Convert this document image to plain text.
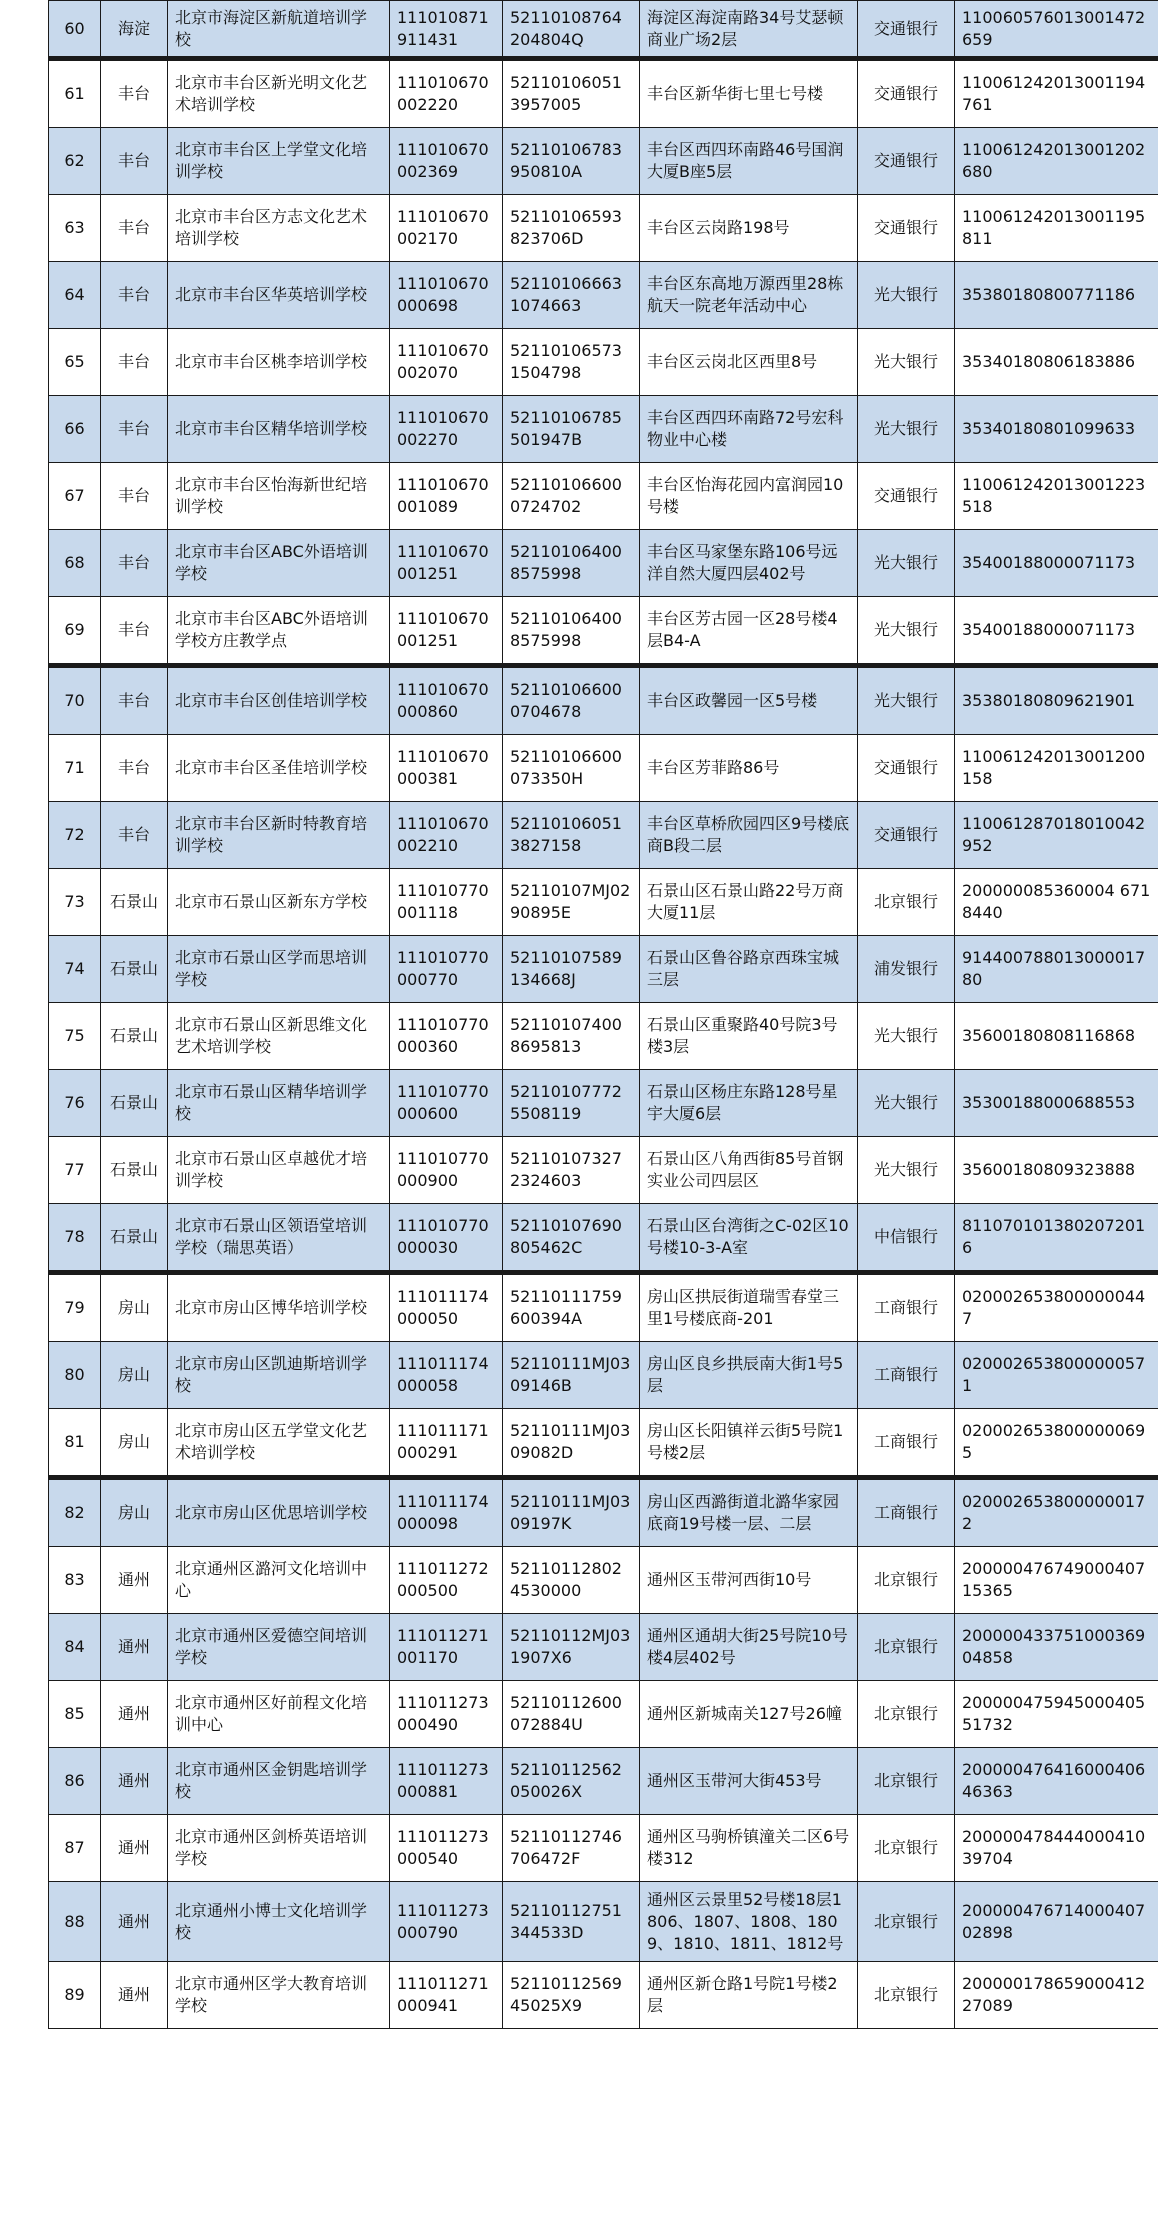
60	海淀	北京市海淀区新航道培训学校	111010871911431	52110108764204804Q	海淀区海淀南路34号艾瑟顿商业广场2层	交通银行	110060576013001472659
61	丰台	北京市丰台区新光明文化艺术培训学校	111010670002220	521101060513957005	丰台区新华街七里七号楼	交通银行	110061242013001194761
62	丰台	北京市丰台区上学堂文化培训学校	111010670002369	52110106783950810A	丰台区西四环南路46号国润大厦B座5层	交通银行	110061242013001202680
63	丰台	北京市丰台区方志文化艺术培训学校	111010670002170	52110106593823706D	丰台区云岗路198号	交通银行	110061242013001195811
64	丰台	北京市丰台区华英培训学校	111010670000698	521101066631074663	丰台区东高地万源西里28栋航天一院老年活动中心	光大银行	35380180800771186
65	丰台	北京市丰台区桃李培训学校	111010670002070	521101065731504798	丰台区云岗北区西里8号	光大银行	35340180806183886
66	丰台	北京市丰台区精华培训学校	111010670002270	52110106785501947B	丰台区西四环南路72号宏科物业中心楼	光大银行	35340180801099633
67	丰台	北京市丰台区怡海新世纪培训学校	111010670001089	521101066000724702	丰台区怡海花园内富润园10号楼	交通银行	110061242013001223518
68	丰台	北京市丰台区ABC外语培训学校	111010670001251	521101064008575998	丰台区马家堡东路106号远洋自然大厦四层402号	光大银行	35400188000071173
69	丰台	北京市丰台区ABC外语培训学校方庄教学点	111010670001251	521101064008575998	丰台区芳古园一区28号楼4层B4-A	光大银行	35400188000071173
70	丰台	北京市丰台区创佳培训学校	111010670000860	521101066000704678	丰台区政馨园一区5号楼	光大银行	35380180809621901
71	丰台	北京市丰台区圣佳培训学校	111010670000381	52110106600073350H	丰台区芳菲路86号	交通银行	110061242013001200158
72	丰台	北京市丰台区新时特教育培训学校	111010670002210	521101060513827158	丰台区草桥欣园四区9号楼底商B段二层	交通银行	110061287018010042952
73	石景山	北京市石景山区新东方学校	111010770001118	52110107MJ0290895E	石景山区石景山路22号万商大厦11层	北京银行	200000085360004 6718440
74	石景山	北京市石景山区学而思培训学校	111010770000770	52110107589134668J	石景山区鲁谷路京西珠宝城三层	浦发银行	91440078801300001780
75	石景山	北京市石景山区新思维文化艺术培训学校	111010770000360	521101074008695813	石景山区重聚路40号院3号楼3层	光大银行	35600180808116868
76	石景山	北京市石景山区精华培训学校	111010770000600	521101077725508119	石景山区杨庄东路128号星宇大厦6层	光大银行	35300188000688553
77	石景山	北京市石景山区卓越优才培训学校	111010770000900	521101073272324603	石景山区八角西街85号首钢实业公司四层区	光大银行	35600180809323888
78	石景山	北京市石景山区领语堂培训学校（瑞思英语）	111010770000030	52110107690805462C	石景山区台湾街之C-02区10号楼10-3-A室	中信银行	8110701013802072016
79	房山	北京市房山区博华培训学校	111011174000050	52110111759600394A	房山区拱辰街道瑞雪春堂三里1号楼底商-201	工商银行	0200026538000000447
80	房山	北京市房山区凯迪斯培训学校	111011174000058	52110111MJ0309146B	房山区良乡拱辰南大街1号5层	工商银行	0200026538000000571
81	房山	北京市房山区五学堂文化艺术培训学校	111011171000291	52110111MJ0309082D	房山区长阳镇祥云街5号院1号楼2层	工商银行	0200026538000000695
82	房山	北京市房山区优思培训学校	111011174000098	52110111MJ0309197K	房山区西潞街道北潞华家园底商19号楼一层、二层	工商银行	0200026538000000172
83	通州	北京通州区潞河文化培训中心	111011272000500	521101128024530000	通州区玉带河西街10号	北京银行	20000047674900040715365
84	通州	北京市通州区爱德空间培训学校	111011271001170	52110112MJ031907X6	通州区通胡大街25号院10号楼4层402号	北京银行	20000043375100036904858
85	通州	北京市通州区好前程文化培训中心	111011273000490	52110112600072884U	通州区新城南关127号26幢	北京银行	20000047594500040551732
86	通州	北京市通州区金钥匙培训学校	111011273000881	52110112562050026X	通州区玉带河大街453号	北京银行	20000047641600040646363
87	通州	北京市通州区剑桥英语培训学校	111011273000540	52110112746706472F	通州区马驹桥镇潼关二区6号楼312	北京银行	20000047844400041039704
88	通州	北京通州小博士文化培训学校	111011273000790	52110112751344533D	通州区云景里52号楼18层1806、1807、1808、1809、1810、1811、1812号	北京银行	20000047671400040702898
89	通州	北京市通州区学大教育培训学校	111011271000941	5211011256945025X9	通州区新仓路1号院1号楼2层	北京银行	20000017865900041227089
